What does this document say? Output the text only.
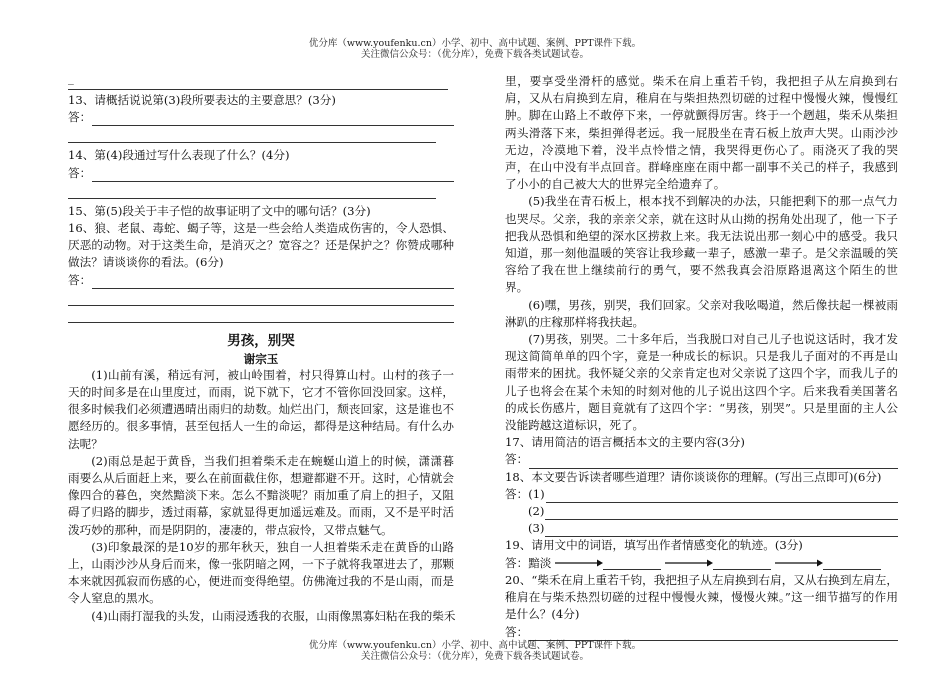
优分库（www.youfenku.cn）小学、初中、高中试题、案例、PPT课件下载。
关注微信公众号：（优分库），免费下载各类试题试卷。
_

13、请概括说说第(3)段所要表达的主要意思？(3分)

答：

14、第(4)段通过写什么表现了什么？(4分)

答：

15、第(5)段关于丰子恺的故事证明了文中的哪句话？(3分)

16、狼、老鼠、毒蛇、蝎子等，这是一些会给人类造成伤害的，令人恐惧、厌恶的动物。对于这类生命，是消灭之？宽容之？还是保护之？你赞成哪种做法？请谈谈你的看法。(6分)

答：
男孩，别哭
谢宗玉

(1)山前有溪，稍远有河，被山岭围着，村只得算山村。山村的孩子一天的时间多是在山里度过，而雨，说下就下，它才不管你回没回家。这样，很多时候我们必须遭遇晴出雨归的劫数。灿烂出门，颓丧回家，这是谁也不愿经历的。很多事情，甚至包括人一生的命运，都得是这种结局。有什么办法呢？

(2)雨总是起于黄昏，当我们担着柴禾走在蜿蜒山道上的时候，潇潇暮雨要么从后面赶上来，要么在前面截住你，想避都避不开。这时，心情就会像四合的暮色，突然黯淡下来。怎么不黯淡呢？雨加重了肩上的担子，又阻碍了归路的脚步，透过雨幕，家就显得更加遥远难及。而雨，又不是平时活泼巧妙的那种，而是阴阴的，凄凄的，带点寂怜，又带点魅气。

(3)印象最深的是10岁的那年秋天，独自一人担着柴禾走在黄昏的山路上，山雨沙沙从身后而来，像一张阴暗之网，一下子就将我罩进去了，那颗本来就因孤寂而伤感的心，便进而变得绝望。仿佛淹过我的不是山雨，而是令人窒息的黑水。

(4)山雨打湿我的头发，山雨浸透我的衣服，山雨像黑寡妇粘在我的柴禾

里，要享受坐滑杆的感觉。柴禾在肩上重若千钧，我把担子从左肩换到右肩，又从右肩换到左肩，稚肩在与柴担热烈切磋的过程中慢慢火辣，慢慢红肿。脚在山路上不敢停下来，一停就颤得厉害。终于一个趔趄，柴禾从柴担两头滑落下来，柴担弹得老远。我一屁股坐在青石板上放声大哭。山雨沙沙无边，冷漠地下着，没半点怜惜之情，我哭得更伤心了。雨浇灭了我的哭声，在山中没有半点回音。群峰座座在雨中都一副事不关己的样子，我感到了小小的自己被大大的世界完全给遗弃了。

(5)我坐在青石板上，根本找不到解决的办法，只能把剩下的那一点气力也哭尽。父亲，我的亲亲父亲，就在这时从山拗的拐角处出现了，他一下子把我从恐惧和绝望的深水区捞救上来。我无法说出那一刻心中的感受。我只知道，那一刻他温暖的笑容让我珍藏一辈子，感激一辈子。是父亲温暖的笑容给了我在世上继续前行的勇气，要不然我真会沿原路退离这个陌生的世界。

(6)嘿，男孩，别哭，我们回家。父亲对我吆喝道，然后像扶起一棵被雨淋趴的庄稼那样将我扶起。

(7)男孩，别哭。二十多年后，当我脱口对自己儿子也说这话时，我才发现这简简单单的四个字，竟是一种成长的标识。只是我儿子面对的不再是山雨带来的困扰。我怀疑父亲的父亲肯定也对父亲说了这四个字，而我儿子的儿子也将会在某个未知的时刻对他的儿子说出这四个字。后来我看美国著名的成长伤感片，题目竟就有了这四个字：“男孩，别哭”。只是里面的主人公没能跨越这道标识，死了。

17、请用简洁的语言概括本文的主要内容(3分)

答：

18、本文要告诉读者哪些道理？请你谈谈你的理解。(写出三点即可)(6分)

答： (1)
(2)
(3)

19、请用文中的词语，填写出作者情感变化的轨迹。(3分)

答：黯淡

20、“柴禾在肩上重若千钧，我把担子从左肩换到右肩，又从右换到左肩左，稚肩在与柴禾热烈切磋的过程中慢慢火辣，慢慢火辣。”这一细节描写的作用是什么？(4分)

答：
优分库（www.youfenku.cn）小学、初中、高中试题、案例、PPT课件下载。
关注微信公众号：（优分库），免费下载各类试题试卷。
